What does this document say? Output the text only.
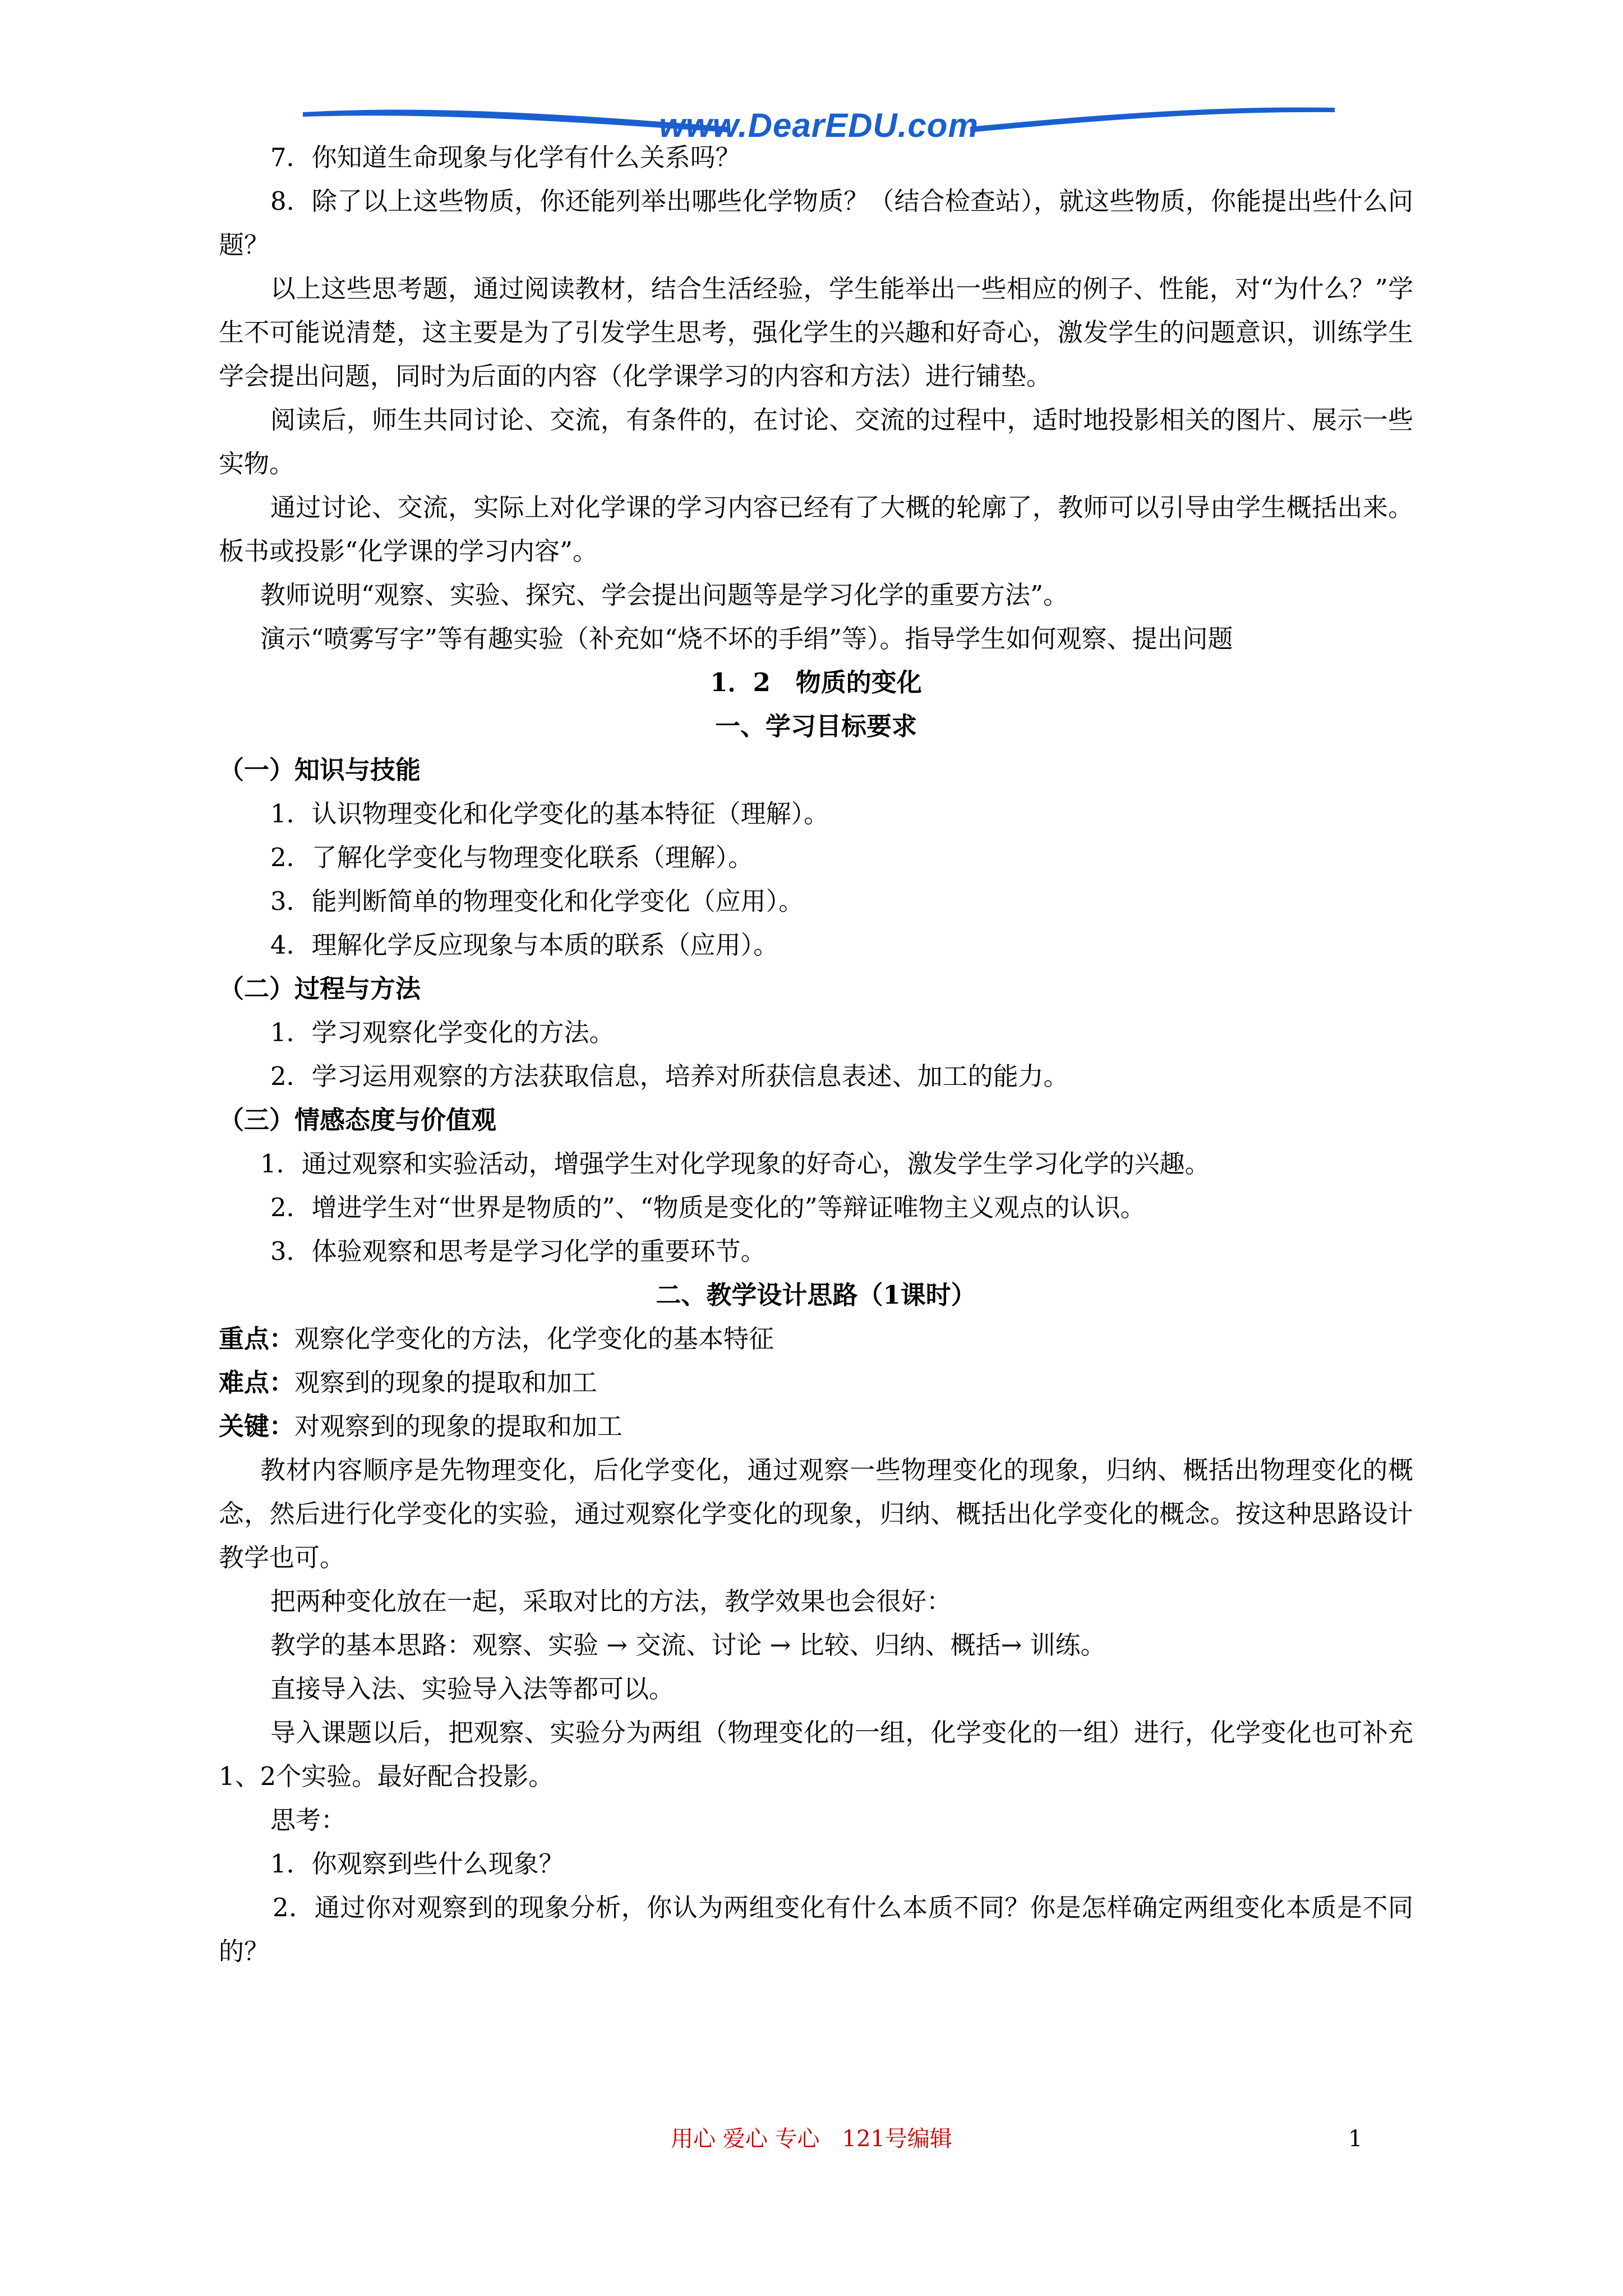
www.DearEDU.com

7．你知道生命现象与化学有什么关系吗？

8．除了以上这些物质，你还能列举出哪些化学物质？（结合检查站），就这些物质，你能提出些什么问题？

以上这些思考题，通过阅读教材，结合生活经验，学生能举出一些相应的例子、性能，对“为什么？”学生不可能说清楚，这主要是为了引发学生思考，强化学生的兴趣和好奇心，激发学生的问题意识，训练学生学会提出问题，同时为后面的内容（化学课学习的内容和方法）进行铺垫。

阅读后，师生共同讨论、交流，有条件的，在讨论、交流的过程中，适时地投影相关的图片、展示一些实物。

通过讨论、交流，实际上对化学课的学习内容已经有了大概的轮廓了，教师可以引导由学生概括出来。板书或投影“化学课的学习内容”。

教师说明“观察、实验、探究、学会提出问题等是学习化学的重要方法”。

演示“喷雾写字”等有趣实验（补充如“烧不坏的手绢”等）。指导学生如何观察、提出问题

1．2　物质的变化

一、学习目标要求

（一）知识与技能

1．认识物理变化和化学变化的基本特征（理解）。

2．了解化学变化与物理变化联系（理解）。

3．能判断简单的物理变化和化学变化（应用）。

4．理解化学反应现象与本质的联系（应用）。

（二）过程与方法

1．学习观察化学变化的方法。

2．学习运用观察的方法获取信息，培养对所获信息表述、加工的能力。

（三）情感态度与价值观

1．通过观察和实验活动，增强学生对化学现象的好奇心，激发学生学习化学的兴趣。

2．增进学生对“世界是物质的”、“物质是变化的”等辩证唯物主义观点的认识。

3．体验观察和思考是学习化学的重要环节。

二、教学设计思路（1课时）

重点：观察化学变化的方法，化学变化的基本特征

难点：观察到的现象的提取和加工

关键：对观察到的现象的提取和加工

教材内容顺序是先物理变化，后化学变化，通过观察一些物理变化的现象，归纳、概括出物理变化的概念，然后进行化学变化的实验，通过观察化学变化的现象，归纳、概括出化学变化的概念。按这种思路设计教学也可。

把两种变化放在一起，采取对比的方法，教学效果也会很好：

教学的基本思路：观察、实验 → 交流、讨论 → 比较、归纳、概括→ 训练。

直接导入法、实验导入法等都可以。

导入课题以后，把观察、实验分为两组（物理变化的一组，化学变化的一组）进行，化学变化也可补充1、2个实验。最好配合投影。

思考：

1．你观察到些什么现象？

2．通过你对观察到的现象分析，你认为两组变化有什么本质不同？你是怎样确定两组变化本质是不同的？

用心 爱心 专心　121号编辑	1
